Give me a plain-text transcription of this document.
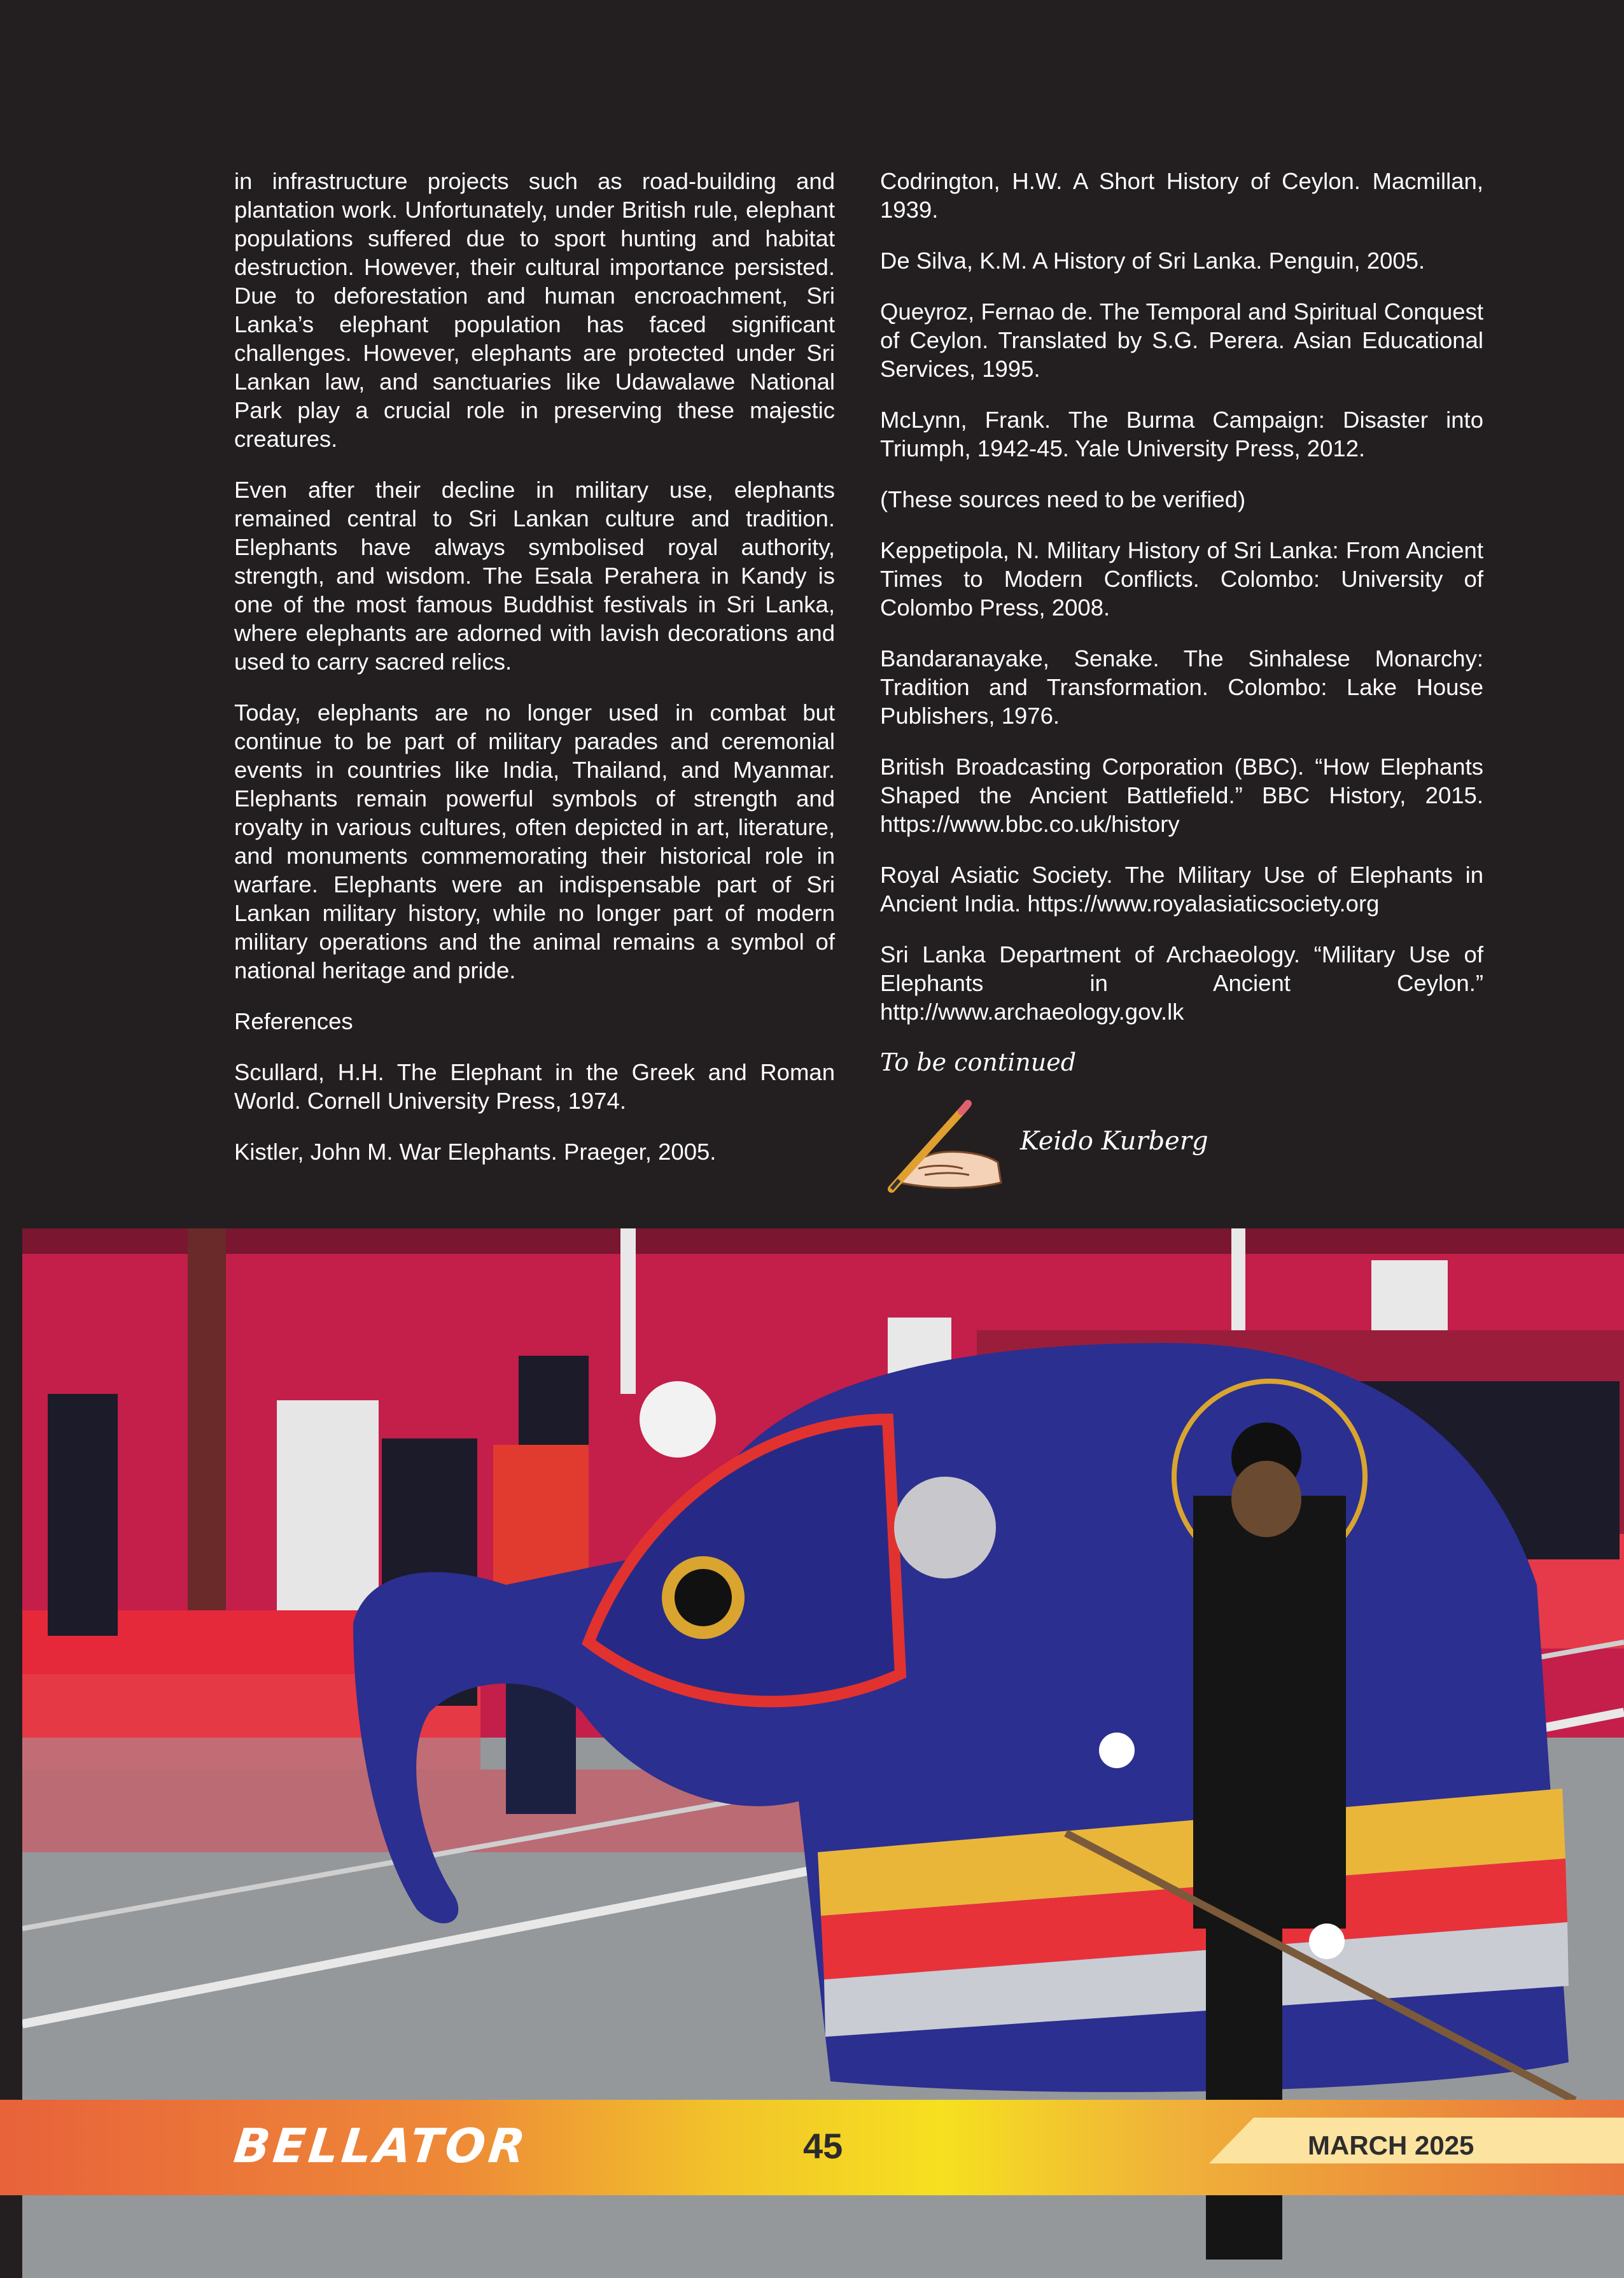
in infrastructure projects such as road-building and plantation work. Unfortunately, under British rule, elephant populations suffered due to sport hunting and habitat destruction. However, their cultural importance persisted. Due to deforestation and human encroachment, Sri Lanka’s elephant population has faced significant challenges. However, elephants are protected under Sri Lankan law, and sanctuaries like Udawalawe National Park play a crucial role in preserving these majestic creatures.

Even after their decline in military use, elephants remained central to Sri Lankan culture and tradition. Elephants have always symbolised royal authority, strength, and wisdom. The Esala Perahera in Kandy is one of the most famous Buddhist festivals in Sri Lanka, where elephants are adorned with lavish decorations and used to carry sacred relics.

Today, elephants are no longer used in combat but continue to be part of military parades and ceremonial events in countries like India, Thailand, and Myanmar. Elephants remain powerful symbols of strength and royalty in various cultures, often depicted in art, literature, and monuments commemorating their historical role in warfare. Elephants were an indispensable part of Sri Lankan military history, while no longer part of modern military operations and the animal remains a symbol of national heritage and pride.

References

Scullard, H.H. The Elephant in the Greek and Roman World. Cornell University Press, 1974.

Kistler, John M. War Elephants. Praeger, 2005.

Codrington, H.W. A Short History of Ceylon. Macmillan, 1939.

De Silva, K.M. A History of Sri Lanka. Penguin, 2005.

Queyroz, Fernao de. The Temporal and Spiritual Conquest of Ceylon. Translated by S.G. Perera. Asian Educational Services, 1995.

McLynn, Frank. The Burma Campaign: Disaster into Triumph, 1942-45. Yale University Press, 2012.

(These sources need to be verified)

Keppetipola, N. Military History of Sri Lanka: From Ancient Times to Modern Conflicts. Colombo: University of Colombo Press, 2008.

Bandaranayake, Senake. The Sinhalese Monarchy: Tradition and Transformation. Colombo: Lake House Publishers, 1976.

British Broadcasting Corporation (BBC). “How Elephants Shaped the Ancient Battlefield.” BBC History, 2015. https://www.bbc.co.uk/history

Royal Asiatic Society. The Military Use of Elephants in Ancient India. https://www.royalasiaticsociety.org

Sri Lanka Department of Archaeology. “Military Use of Elephants in Ancient Ceylon.” http://www.archaeology.gov.lk

To be continued
Keido Kurberg
BELLATOR	45	MARCH 2025
